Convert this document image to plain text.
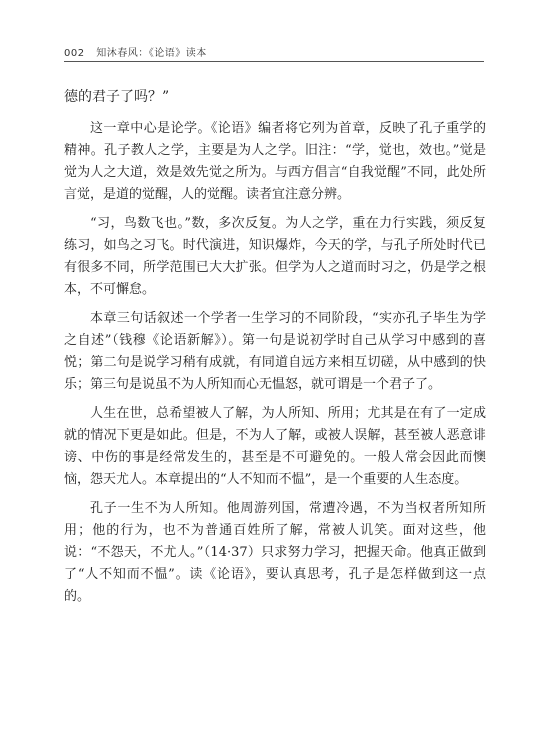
002 知沐春风：《论语》读本

德的君子了吗？”

这一章中心是论学。《论语》编者将它列为首章，反映了孔子重学的精神。孔子教人之学，主要是为人之学。旧注：“学，觉也，效也。”觉是觉为人之大道，效是效先觉之所为。与西方倡言“自我觉醒”不同，此处所言觉，是道的觉醒，人的觉醒。读者宜注意分辨。

“习，鸟数飞也。”数，多次反复。为人之学，重在力行实践，须反复练习，如鸟之习飞。时代演进，知识爆炸，今天的学，与孔子所处时代已有很多不同，所学范围已大大扩张。但学为人之道而时习之，仍是学之根本，不可懈怠。

本章三句话叙述一个学者一生学习的不同阶段，“实亦孔子毕生为学之自述”（钱穆《论语新解》）。第一句是说初学时自己从学习中感到的喜悦；第二句是说学习稍有成就，有同道自远方来相互切磋，从中感到的快乐；第三句是说虽不为人所知而心无愠怒，就可谓是一个君子了。

人生在世，总希望被人了解，为人所知、所用；尤其是在有了一定成就的情况下更是如此。但是，不为人了解，或被人误解，甚至被人恶意诽谤、中伤的事是经常发生的，甚至是不可避免的。一般人常会因此而懊恼，怨天尤人。本章提出的“人不知而不愠”，是一个重要的人生态度。

孔子一生不为人所知。他周游列国，常遭冷遇，不为当权者所知所用；他的行为，也不为普通百姓所了解，常被人讥笑。面对这些，他说：“不怨天，不尤人。”（14·37）只求努力学习，把握天命。他真正做到了“人不知而不愠”。读《论语》，要认真思考，孔子是怎样做到这一点的。
